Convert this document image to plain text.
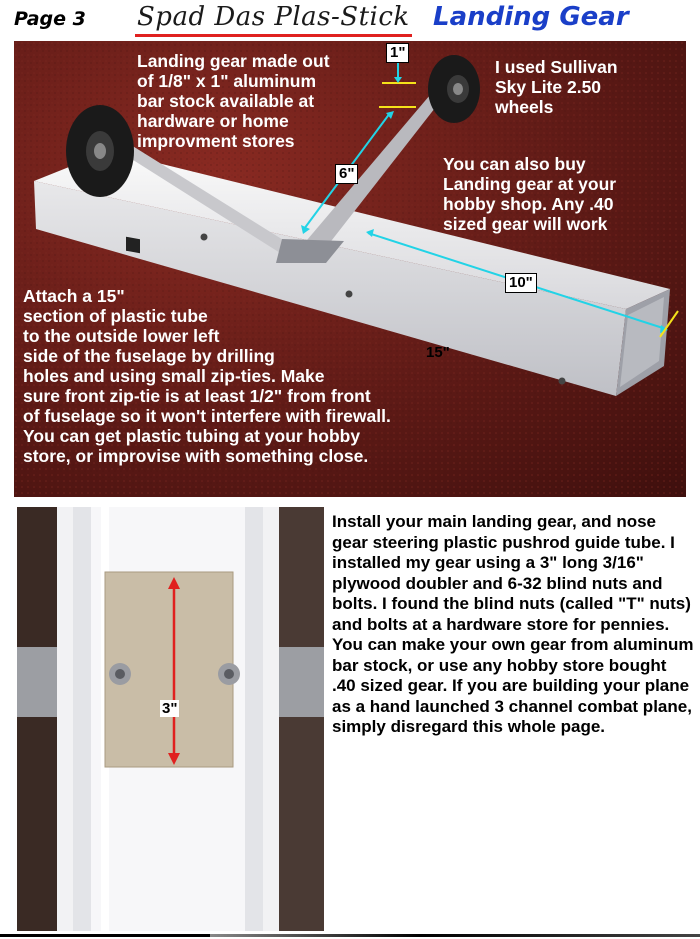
Page 3 Spad Das Plas-Stick Landing Gear

Landing gear made out
of 1/8" x 1" aluminum
bar stock available at
hardware or home
improvment stores

I used Sullivan
Sky Lite 2.50
wheels

You can also buy
Landing gear at your
hobby shop. Any .40
sized gear will work

Attach a 15"
section of plastic tube
to the outside lower left
side of the fuselage by drilling
holes and using small zip-ties. Make
sure front zip-tie is at least 1/2" from front
of fuselage so it won't interfere with firewall.
You can get plastic tubing at your hobby
store, or improvise with something close.

1"
6"
10"
15"
3"

Install your main landing gear, and nose gear steering plastic pushrod guide tube. I installed my gear using a 3" long 3/16" plywood doubler and 6-32 blind nuts and bolts. I found the blind nuts (called "T" nuts) and bolts at a hardware store for pennies. You can make your own gear from aluminum bar stock, or use any hobby store bought .40 sized gear. If you are building your plane as a hand launched 3 channel combat plane, simply disregard this whole page.
